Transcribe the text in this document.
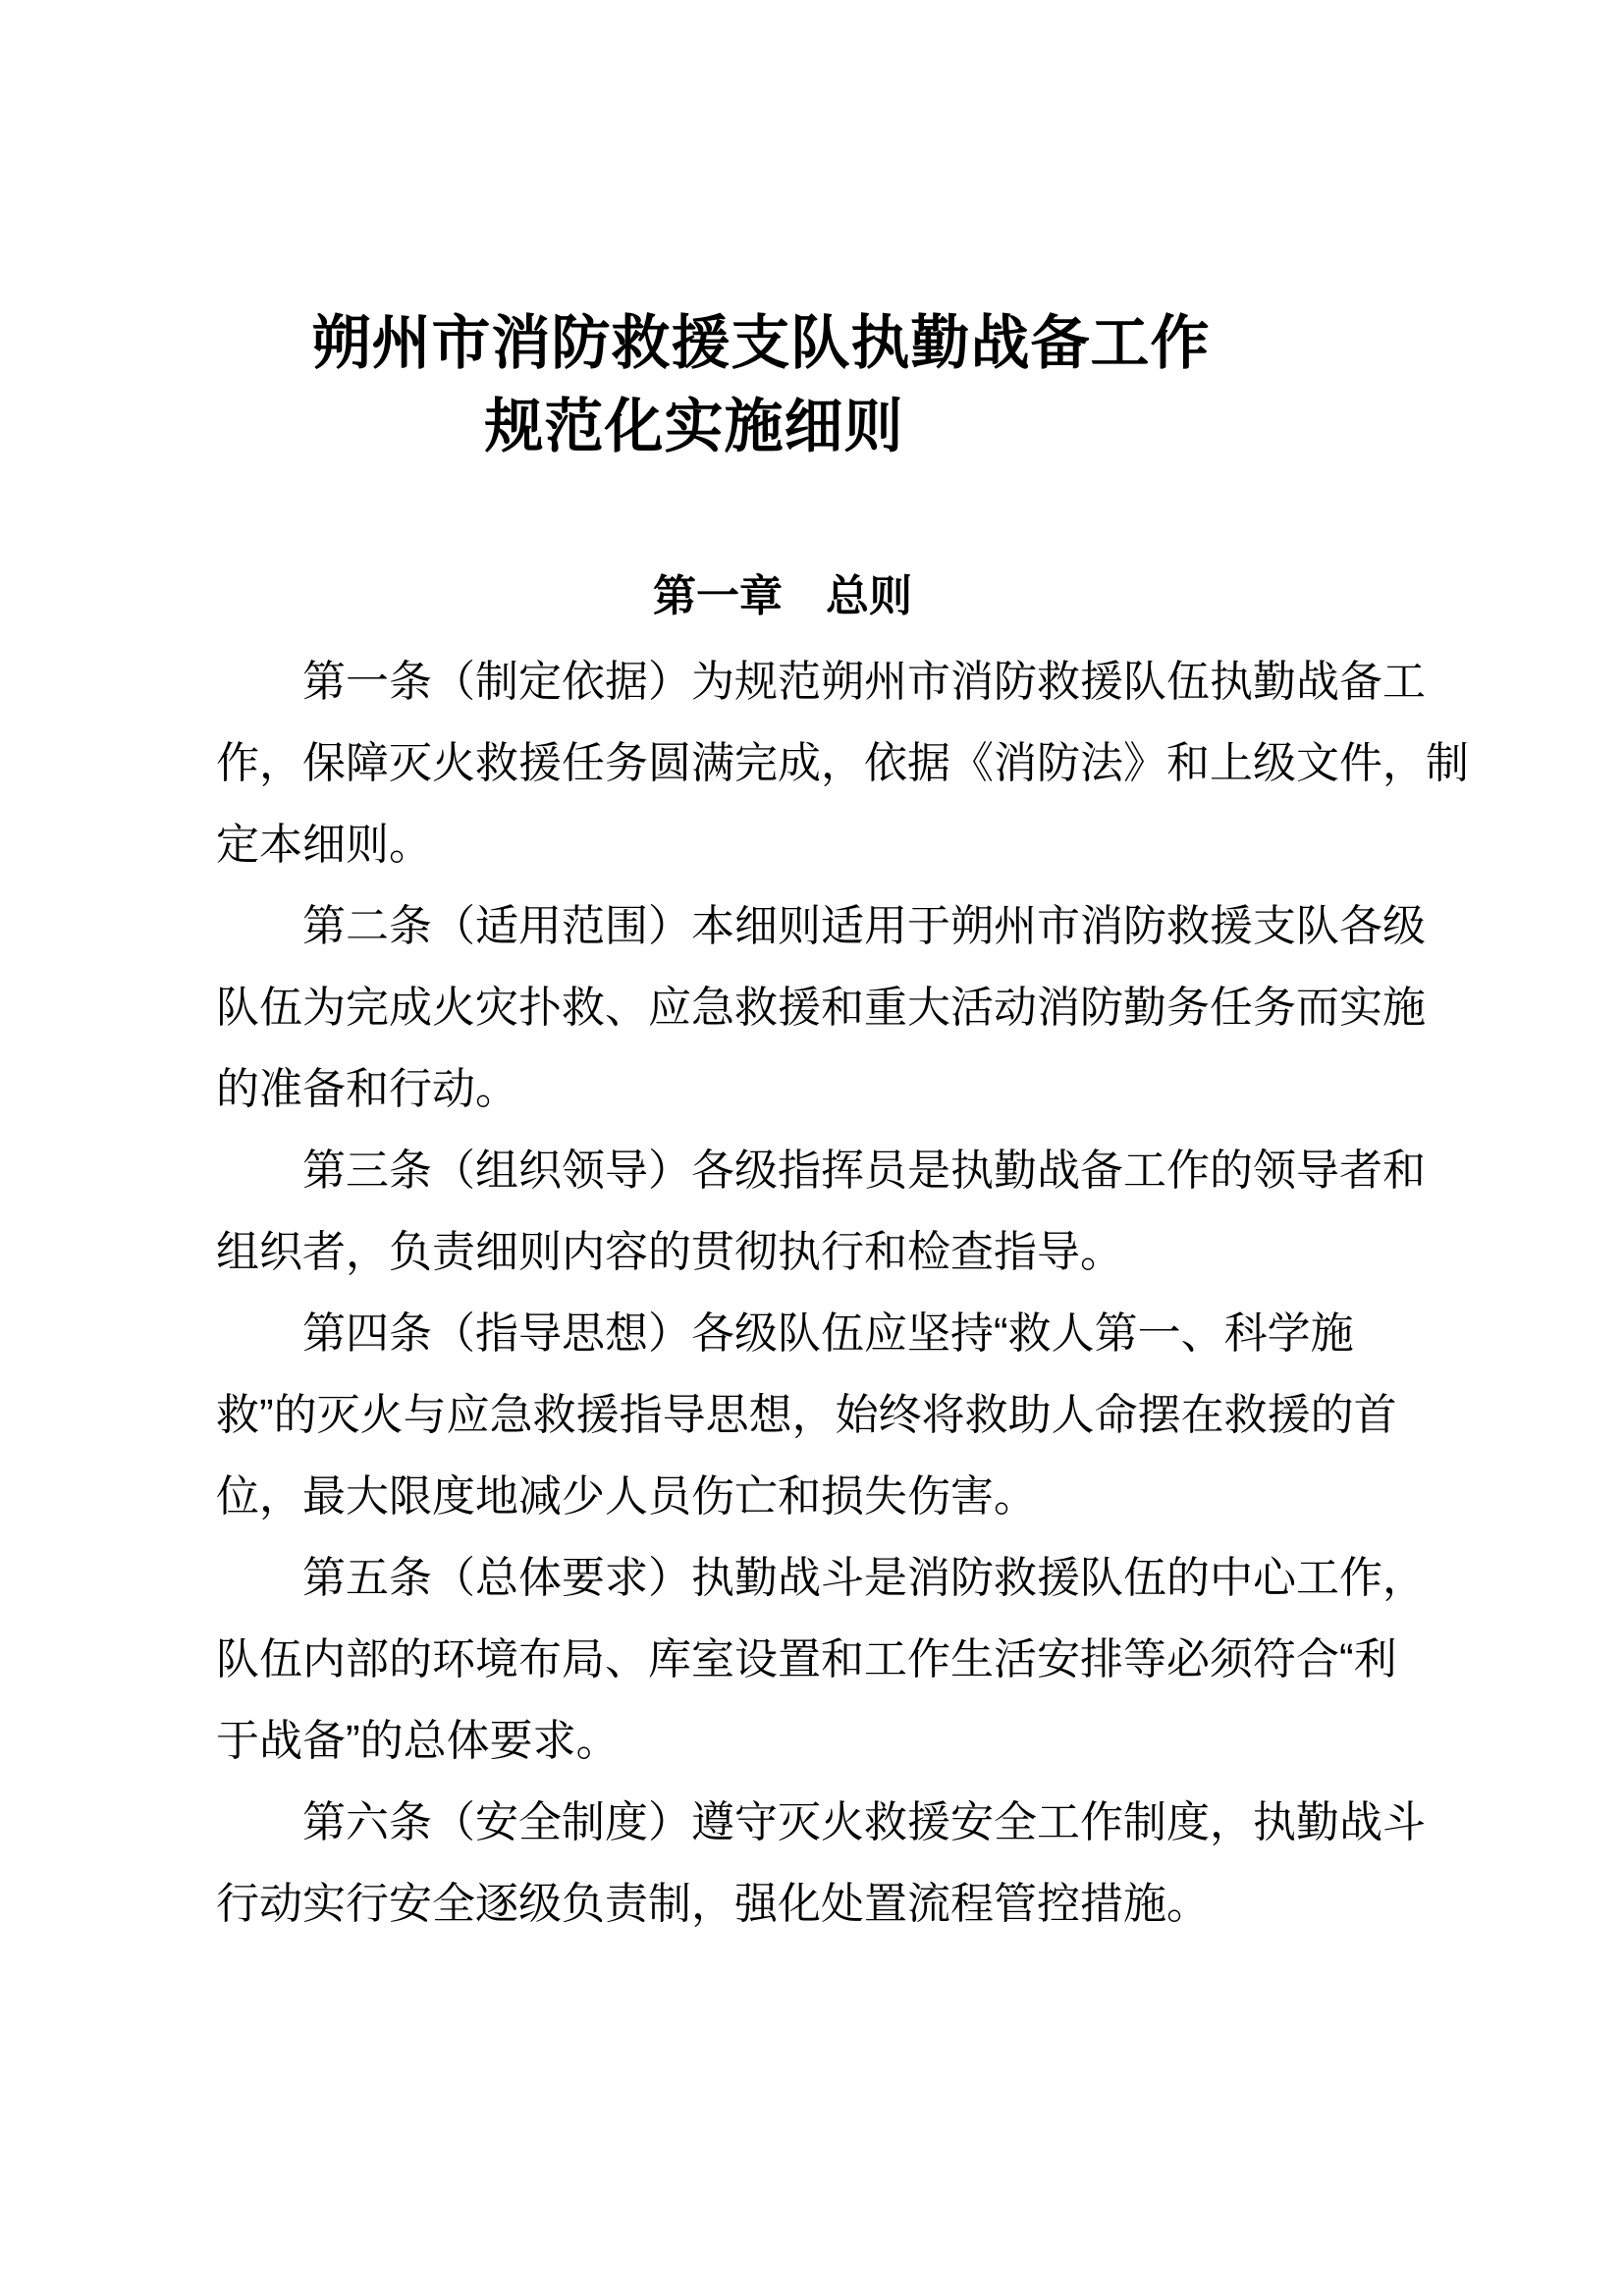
朔州市消防救援支队执勤战备工作
规范化实施细则
第一章　总则
第一条（制定依据）为规范朔州市消防救援队伍执勤战备工
作，保障灭火救援任务圆满完成，依据《消防法》和上级文件，制
定本细则。
第二条（适用范围）本细则适用于朔州市消防救援支队各级
队伍为完成火灾扑救、应急救援和重大活动消防勤务任务而实施
的准备和行动。
第三条（组织领导）各级指挥员是执勤战备工作的领导者和
组织者，负责细则内容的贯彻执行和检查指导。
第四条（指导思想）各级队伍应坚持“救人第一、科学施
救”的灭火与应急救援指导思想，始终将救助人命摆在救援的首
位，最大限度地减少人员伤亡和损失伤害。
第五条（总体要求）执勤战斗是消防救援队伍的中心工作，
队伍内部的环境布局、库室设置和工作生活安排等必须符合“利
于战备”的总体要求。
第六条（安全制度）遵守灭火救援安全工作制度，执勤战斗
行动实行安全逐级负责制，强化处置流程管控措施。
